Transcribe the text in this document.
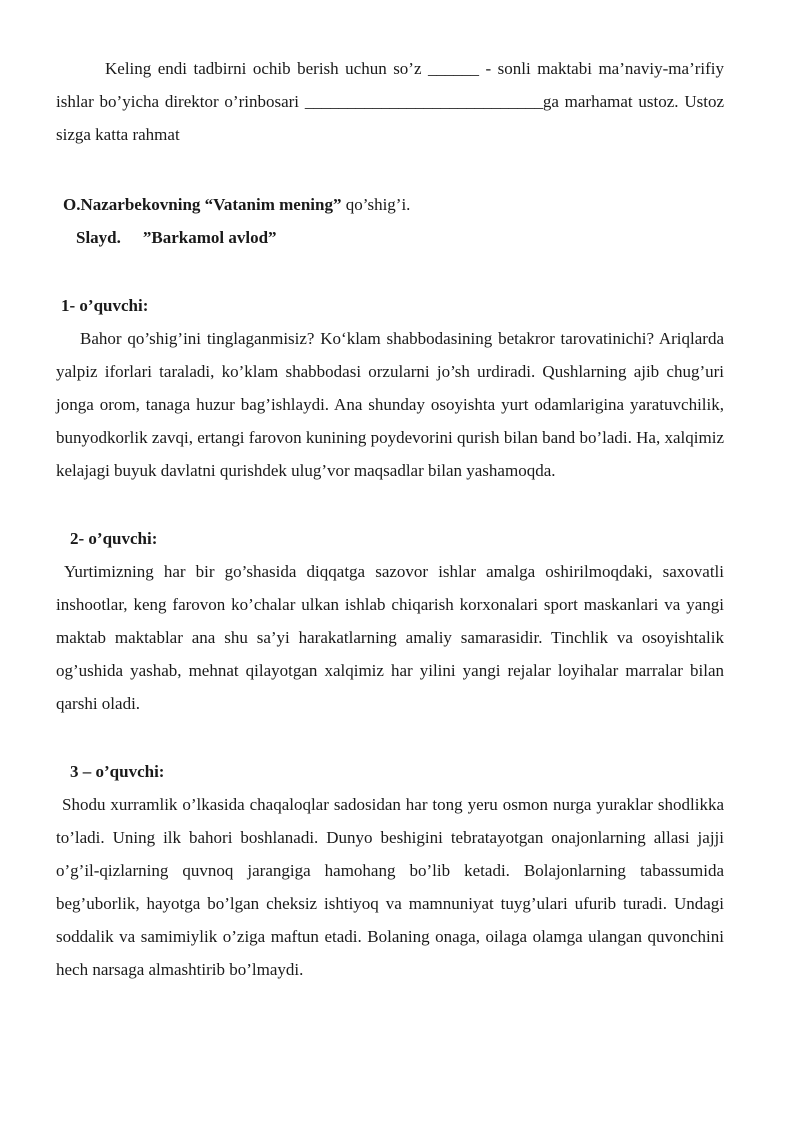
Keling endi tadbirni ochib berish uchun so’z ______ - sonli maktabi ma’naviy-ma’rifiy ishlar bo’yicha direktor o’rinbosari ____________________________ga marhamat ustoz. Ustoz sizga katta rahmat

O.Nazarbekovning “Vatanim mening” qo’shig’i.

Slayd. ”Barkamol avlod”

1- o’quvchi:

Bahor qo’shig’ini tinglaganmisiz? Ko‘klam shabbodasining betakror tarovatinichi? Ariqlarda yalpiz iforlari taraladi, ko’klam shabbodasi orzularni jo’sh urdiradi. Qushlarning ajib chug’uri jonga orom, tanaga huzur bag’ishlaydi. Ana shunday osoyishta yurt odamlarigina yaratuvchilik, bunyodkorlik zavqi, ertangi farovon kunining poydevorini qurish bilan band bo’ladi. Ha, xalqimiz kelajagi buyuk davlatni qurishdek ulug’vor maqsadlar bilan yashamoqda.

2- o’quvchi:

Yurtimizning har bir go’shasida diqqatga sazovor ishlar amalga oshirilmoqdaki, saxovatli inshootlar, keng farovon ko’chalar ulkan ishlab chiqarish korxonalari sport maskanlari va yangi maktab maktablar ana shu sa’yi harakatlarning amaliy samarasidir. Tinchlik va osoyishtalik og’ushida yashab, mehnat qilayotgan xalqimiz har yilini yangi rejalar loyihalar marralar bilan qarshi oladi.

3 – o’quvchi:

Shodu xurramlik o’lkasida chaqaloqlar sadosidan har tong yeru osmon nurga yuraklar shodlikka to’ladi. Uning ilk bahori boshlanadi. Dunyo beshigini tebratayotgan onajonlarning allasi jajji o’g’il-qizlarning quvnoq jarangiga hamohang bo’lib ketadi. Bolajonlarning tabassumida beg’uborlik, hayotga bo’lgan cheksiz ishtiyoq va mamnuniyat tuyg’ulari ufurib turadi. Undagi soddalik va samimiylik o’ziga maftun etadi. Bolaning onaga, oilaga olamga ulangan quvonchini hech narsaga almashtirib bo’lmaydi.
